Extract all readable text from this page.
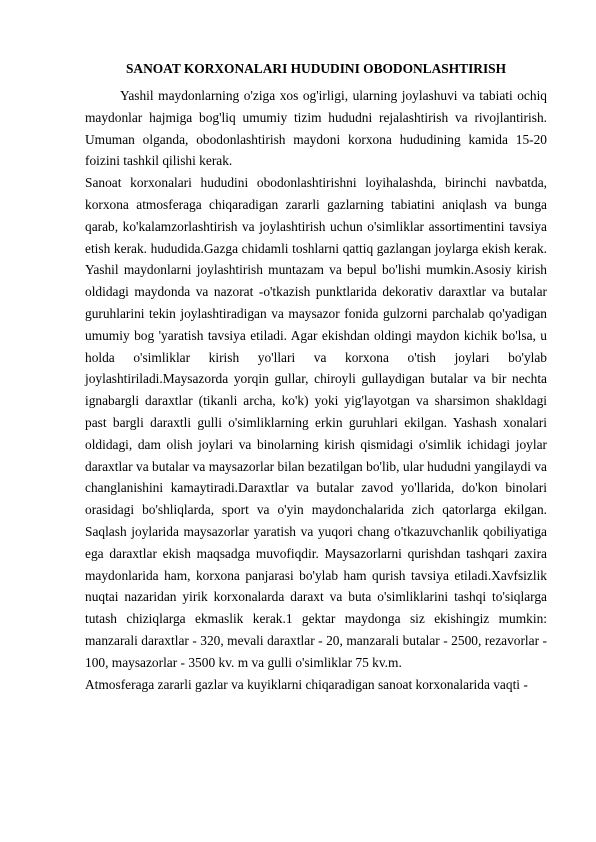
SANOAT KORXONALARI HUDUDINI OBODONLASHTIRISH

Yashil maydonlarning o'ziga xos og'irligi, ularning joylashuvi va tabiati ochiq maydonlar hajmiga bog'liq umumiy tizim hududni rejalashtirish va rivojlantirish. Umuman olganda, obodonlashtirish maydoni korxona hududining kamida 15-20 foizini tashkil qilishi kerak.

Sanoat korxonalari hududini obodonlashtirishni loyihalashda, birinchi navbatda, korxona atmosferaga chiqaradigan zararli gazlarning tabiatini aniqlash va bunga qarab, ko'kalamzorlashtirish va joylashtirish uchun o'simliklar assortimentini tavsiya etish kerak. hududida.Gazga chidamli toshlarni qattiq gazlangan joylarga ekish kerak. Yashil maydonlarni joylashtirish muntazam va bepul bo'lishi mumkin.Asosiy kirish oldidagi maydonda va nazorat -o'tkazish punktlarida dekorativ daraxtlar va butalar guruhlarini tekin joylashtiradigan va maysazor fonida gulzorni parchalab qo'yadigan umumiy bog 'yaratish tavsiya etiladi. Agar ekishdan oldingi maydon kichik bo'lsa, u holda o'simliklar kirish yo'llari va korxona o'tish joylari bo'ylab joylashtiriladi.Maysazorda yorqin gullar, chiroyli gullaydigan butalar va bir nechta ignabargli daraxtlar (tikanli archa, ko'k) yoki yig'layotgan va sharsimon shakldagi past bargli daraxtli gulli o'simliklarning erkin guruhlari ekilgan. Yashash xonalari oldidagi, dam olish joylari va binolarning kirish qismidagi o'simlik ichidagi joylar daraxtlar va butalar va maysazorlar bilan bezatilgan bo'lib, ular hududni yangilaydi va changlanishini kamaytiradi.Daraxtlar va butalar zavod yo'llarida, do'kon binolari orasidagi bo'shliqlarda, sport va o'yin maydonchalarida zich qatorlarga ekilgan. Saqlash joylarida maysazorlar yaratish va yuqori chang o'tkazuvchanlik qobiliyatiga ega daraxtlar ekish maqsadga muvofiqdir. Maysazorlarni qurishdan tashqari zaxira maydonlarida ham, korxona panjarasi bo'ylab ham qurish tavsiya etiladi.Xavfsizlik nuqtai nazaridan yirik korxonalarda daraxt va buta o'simliklarini tashqi to'siqlarga tutash chiziqlarga ekmaslik kerak.1 gektar maydonga siz ekishingiz mumkin: manzarali daraxtlar - 320, mevali daraxtlar - 20, manzarali butalar - 2500, rezavorlar - 100, maysazorlar - 3500 kv. m va gulli o'simliklar 75 kv.m.

Atmosferaga zararli gazlar va kuyiklarni chiqaradigan sanoat korxonalarida vaqti -
